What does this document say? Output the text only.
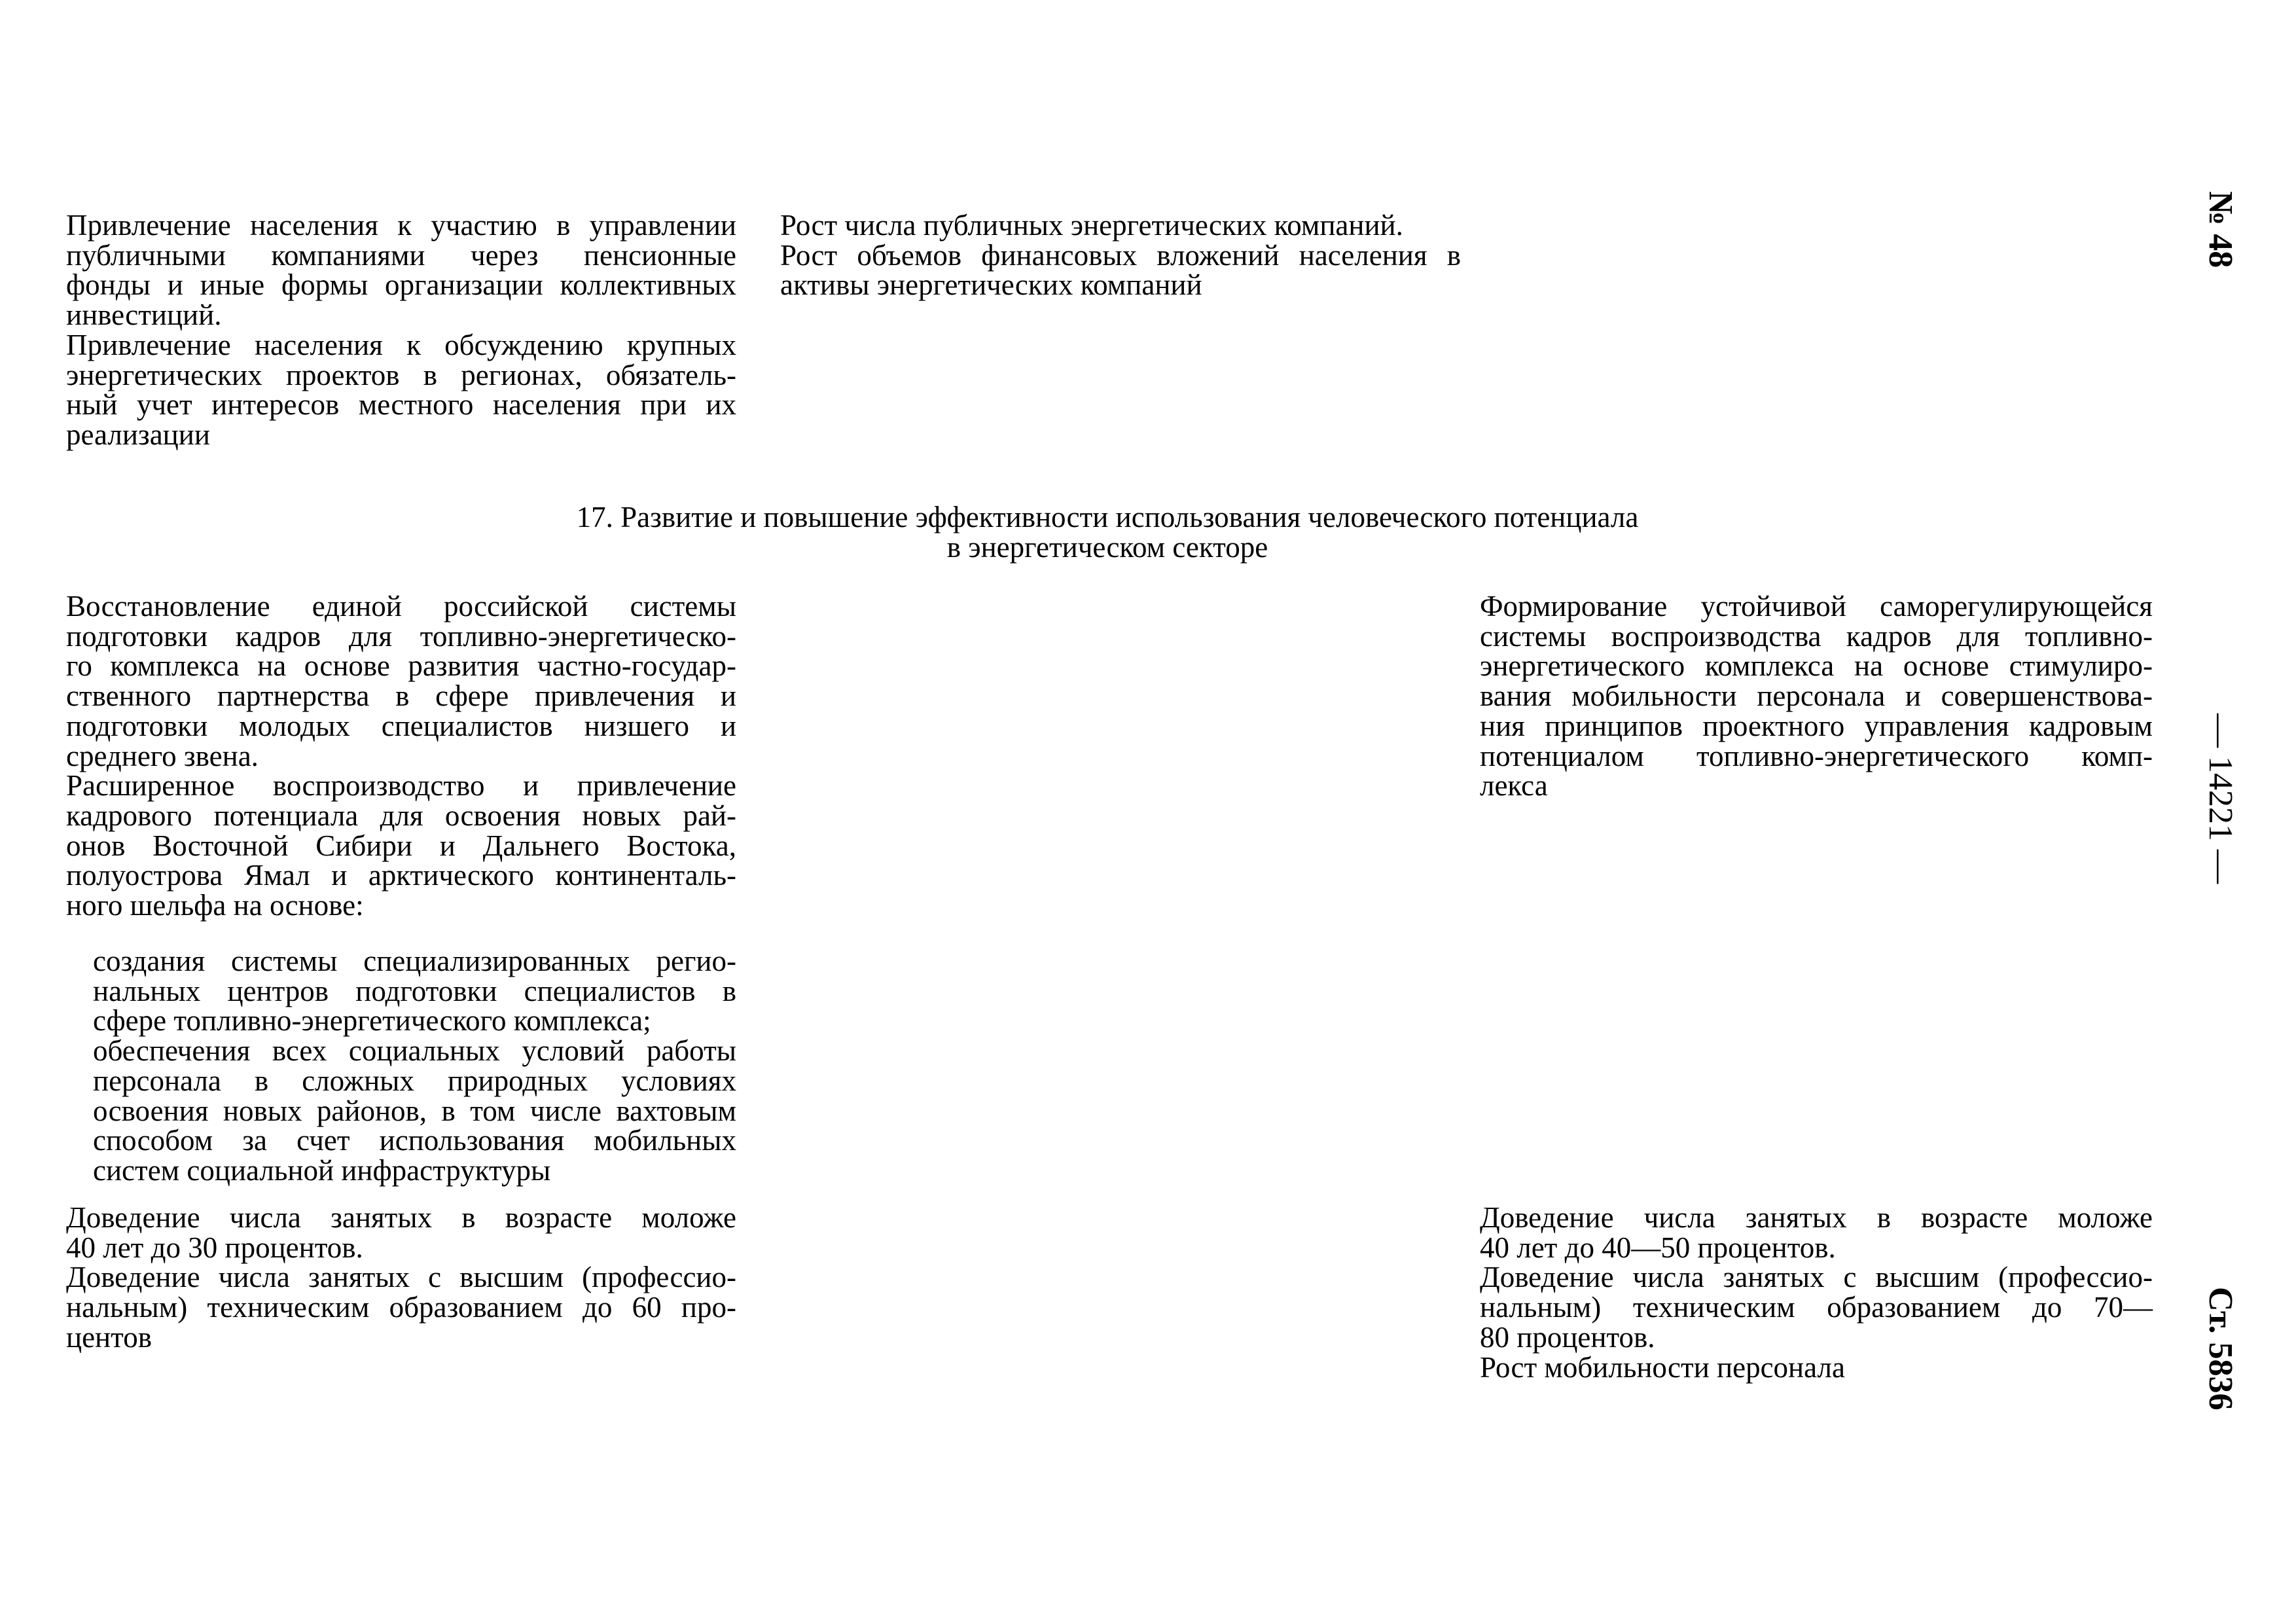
Привлечение населения к участию в управлении
публичными компаниями через пенсионные
фонды и иные формы организации коллективных
инвестиций.
Привлечение населения к обсуждению крупных
энергетических проектов в регионах, обязатель-
ный учет интересов местного населения при их
реализации
Рост числа публичных энергетических компаний.
Рост объемов финансовых вложений населения в
активы энергетических компаний
17. Развитие и повышение эффективности использования человеческого потенциала
в энергетическом секторе
Восстановление единой российской системы
подготовки кадров для топливно-энергетическо-
го комплекса на основе развития частно-государ-
ственного партнерства в сфере привлечения и
подготовки молодых специалистов низшего и
среднего звена.
Расширенное воспроизводство и привлечение
кадрового потенциала для освоения новых рай-
онов Восточной Сибири и Дальнего Востока,
полуострова Ямал и арктического континенталь-
ного шельфа на основе:
создания системы специализированных регио-
нальных центров подготовки специалистов в
сфере топливно-энергетического комплекса;
обеспечения всех социальных условий работы
персонала в сложных природных условиях
освоения новых районов, в том числе вахтовым
способом за счет использования мобильных
систем социальной инфраструктуры
Формирование устойчивой саморегулирующейся
системы воспроизводства кадров для топливно-
энергетического комплекса на основе стимулиро-
вания мобильности персонала и совершенствова-
ния принципов проектного управления кадровым
потенциалом топливно-энергетического комп-
лекса
Доведение числа занятых в возрасте моложе
40 лет до 30 процентов.
Доведение числа занятых с высшим (профессио-
нальным) техническим образованием до 60 про-
центов
Доведение числа занятых в возрасте моложе
40 лет до 40—50 процентов.
Доведение числа занятых с высшим (профессио-
нальным) техническим образованием до 70—
80 процентов.
Рост мобильности персонала
№ 48
— 14221 —
Ст. 5836
